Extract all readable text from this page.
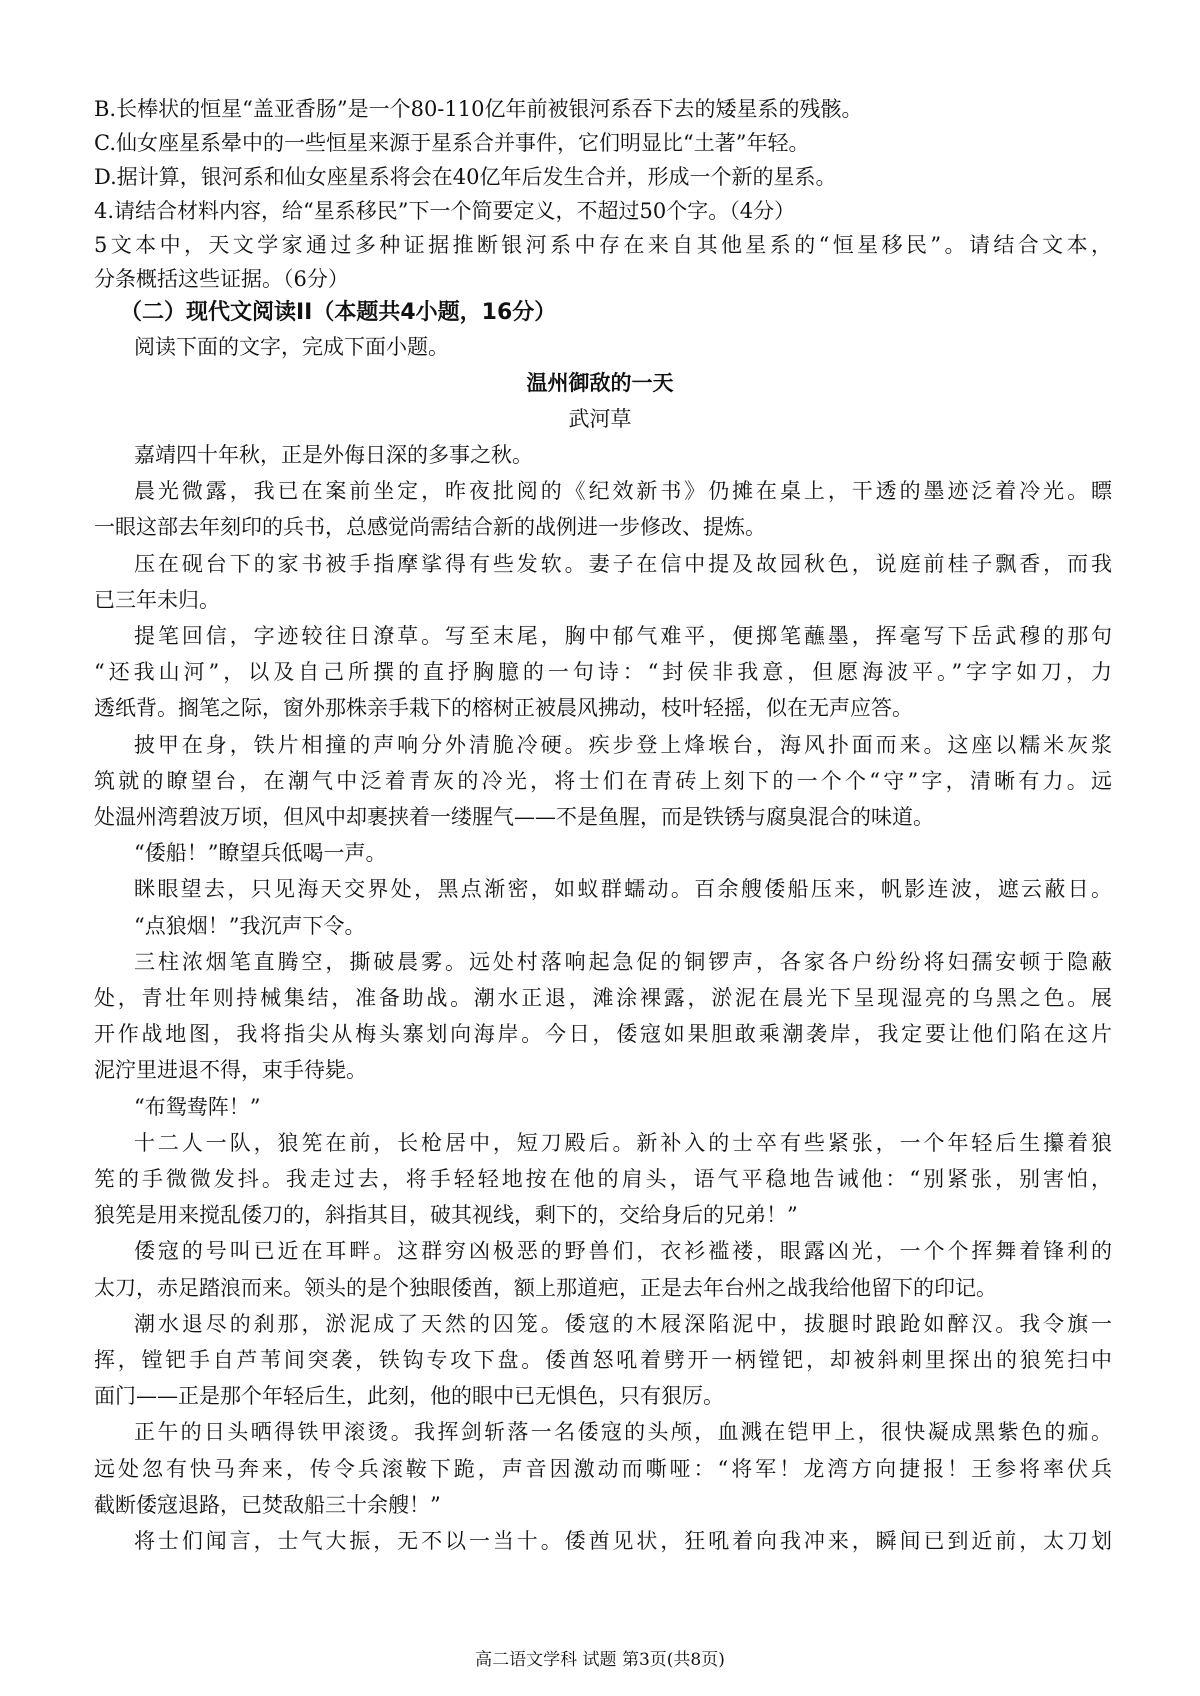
B.长棒状的恒星“盖亚香肠”是一个80-110亿年前被银河系吞下去的矮星系的残骸。
C.仙女座星系晕中的一些恒星来源于星系合并事件，它们明显比“土著”年轻。
D.据计算，银河系和仙女座星系将会在40亿年后发生合并，形成一个新的星系。
4.请结合材料内容，给“星系移民”下一个简要定义，不超过50个字。（4分）
5文本中，天文学家通过多种证据推断银河系中存在来自其他星系的“恒星移民”。请结合文本，
分条概括这些证据。（6分）
（二）现代文阅读II（本题共4小题，16分）
阅读下面的文字，完成下面小题。
温州御敌的一天
武河草
嘉靖四十年秋，正是外侮日深的多事之秋。
晨光微露，我已在案前坐定，昨夜批阅的《纪效新书》仍摊在桌上，干透的墨迹泛着冷光。瞟
一眼这部去年刻印的兵书，总感觉尚需结合新的战例进一步修改、提炼。
压在砚台下的家书被手指摩挲得有些发软。妻子在信中提及故园秋色，说庭前桂子飘香，而我
已三年未归。
提笔回信，字迹较往日潦草。写至末尾，胸中郁气难平，便掷笔蘸墨，挥毫写下岳武穆的那句
“还我山河”，以及自己所撰的直抒胸臆的一句诗：“封侯非我意，但愿海波平。”字字如刀，力
透纸背。搁笔之际，窗外那株亲手栽下的榕树正被晨风拂动，枝叶轻摇，似在无声应答。
披甲在身，铁片相撞的声响分外清脆冷硬。疾步登上烽堠台，海风扑面而来。这座以糯米灰浆
筑就的瞭望台，在潮气中泛着青灰的冷光，将士们在青砖上刻下的一个个“守”字，清晰有力。远
处温州湾碧波万顷，但风中却裹挟着一缕腥气——不是鱼腥，而是铁锈与腐臭混合的味道。
“倭船！”瞭望兵低喝一声。
眯眼望去，只见海天交界处，黑点渐密，如蚁群蠕动。百余艘倭船压来，帆影连波，遮云蔽日。
“点狼烟！”我沉声下令。
三柱浓烟笔直腾空，撕破晨雾。远处村落响起急促的铜锣声，各家各户纷纷将妇孺安顿于隐蔽
处，青壮年则持械集结，准备助战。潮水正退，滩涂裸露，淤泥在晨光下呈现湿亮的乌黑之色。展
开作战地图，我将指尖从梅头寨划向海岸。今日，倭寇如果胆敢乘潮袭岸，我定要让他们陷在这片
泥泞里进退不得，束手待毙。
“布鸳鸯阵！”
十二人一队，狼筅在前，长枪居中，短刀殿后。新补入的士卒有些紧张，一个年轻后生攥着狼
筅的手微微发抖。我走过去，将手轻轻地按在他的肩头，语气平稳地告诫他：“别紧张，别害怕，
狼筅是用来搅乱倭刀的，斜指其目，破其视线，剩下的，交给身后的兄弟！”
倭寇的号叫已近在耳畔。这群穷凶极恶的野兽们，衣衫褴褛，眼露凶光，一个个挥舞着锋利的
太刀，赤足踏浪而来。领头的是个独眼倭酋，额上那道疤，正是去年台州之战我给他留下的印记。
潮水退尽的刹那，淤泥成了天然的囚笼。倭寇的木屐深陷泥中，拔腿时踉跄如醉汉。我令旗一
挥，镗钯手自芦苇间突袭，铁钩专攻下盘。倭酋怒吼着劈开一柄镗钯，却被斜刺里探出的狼筅扫中
面门——正是那个年轻后生，此刻，他的眼中已无惧色，只有狠厉。
正午的日头晒得铁甲滚烫。我挥剑斩落一名倭寇的头颅，血溅在铠甲上，很快凝成黑紫色的痂。
远处忽有快马奔来，传令兵滚鞍下跪，声音因激动而嘶哑：“将军！龙湾方向捷报！王参将率伏兵
截断倭寇退路，已焚敌船三十余艘！”
将士们闻言，士气大振，无不以一当十。倭酋见状，狂吼着向我冲来，瞬间已到近前，太刀划
高二语文学科 试题 第3页(共8页)
